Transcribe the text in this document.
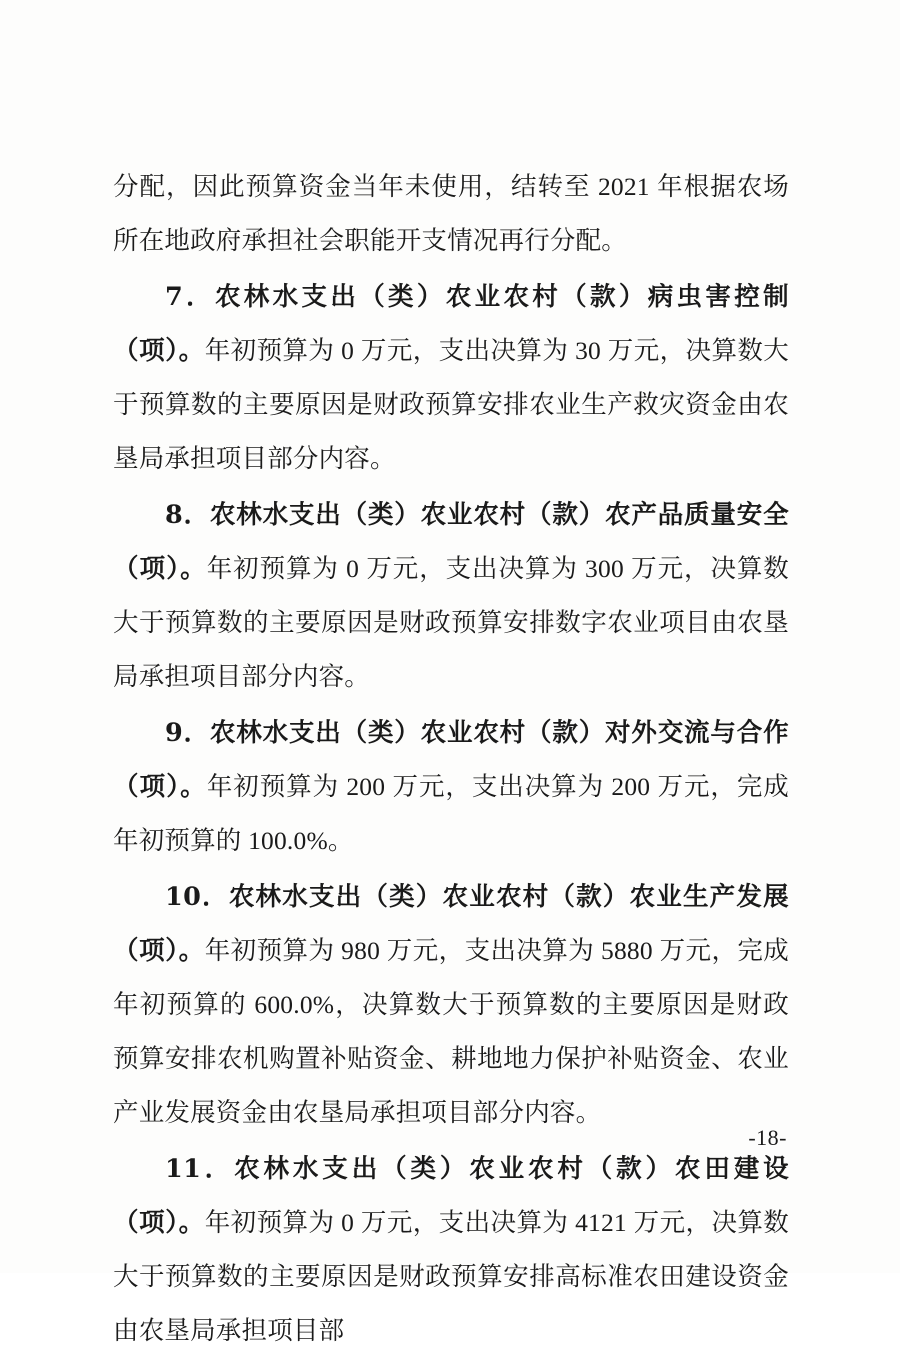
分配，因此预算资金当年未使用，结转至 2021 年根据农场所在地政府承担社会职能开支情况再行分配。

7．农林水支出（类）农业农村（款）病虫害控制（项）。年初预算为 0 万元，支出决算为 30 万元，决算数大于预算数的主要原因是财政预算安排农业生产救灾资金由农垦局承担项目部分内容。

8．农林水支出（类）农业农村（款）农产品质量安全（项）。年初预算为 0 万元，支出决算为 300 万元，决算数大于预算数的主要原因是财政预算安排数字农业项目由农垦局承担项目部分内容。

9．农林水支出（类）农业农村（款）对外交流与合作（项）。年初预算为 200 万元，支出决算为 200 万元，完成年初预算的 100.0%。

10．农林水支出（类）农业农村（款）农业生产发展（项）。年初预算为 980 万元，支出决算为 5880 万元，完成年初预算的 600.0%，决算数大于预算数的主要原因是财政预算安排农机购置补贴资金、耕地地力保护补贴资金、农业产业发展资金由农垦局承担项目部分内容。

11．农林水支出（类）农业农村（款）农田建设（项）。年初预算为 0 万元，支出决算为 4121 万元，决算数大于预算数的主要原因是财政预算安排高标准农田建设资金由农垦局承担项目部

-18-
